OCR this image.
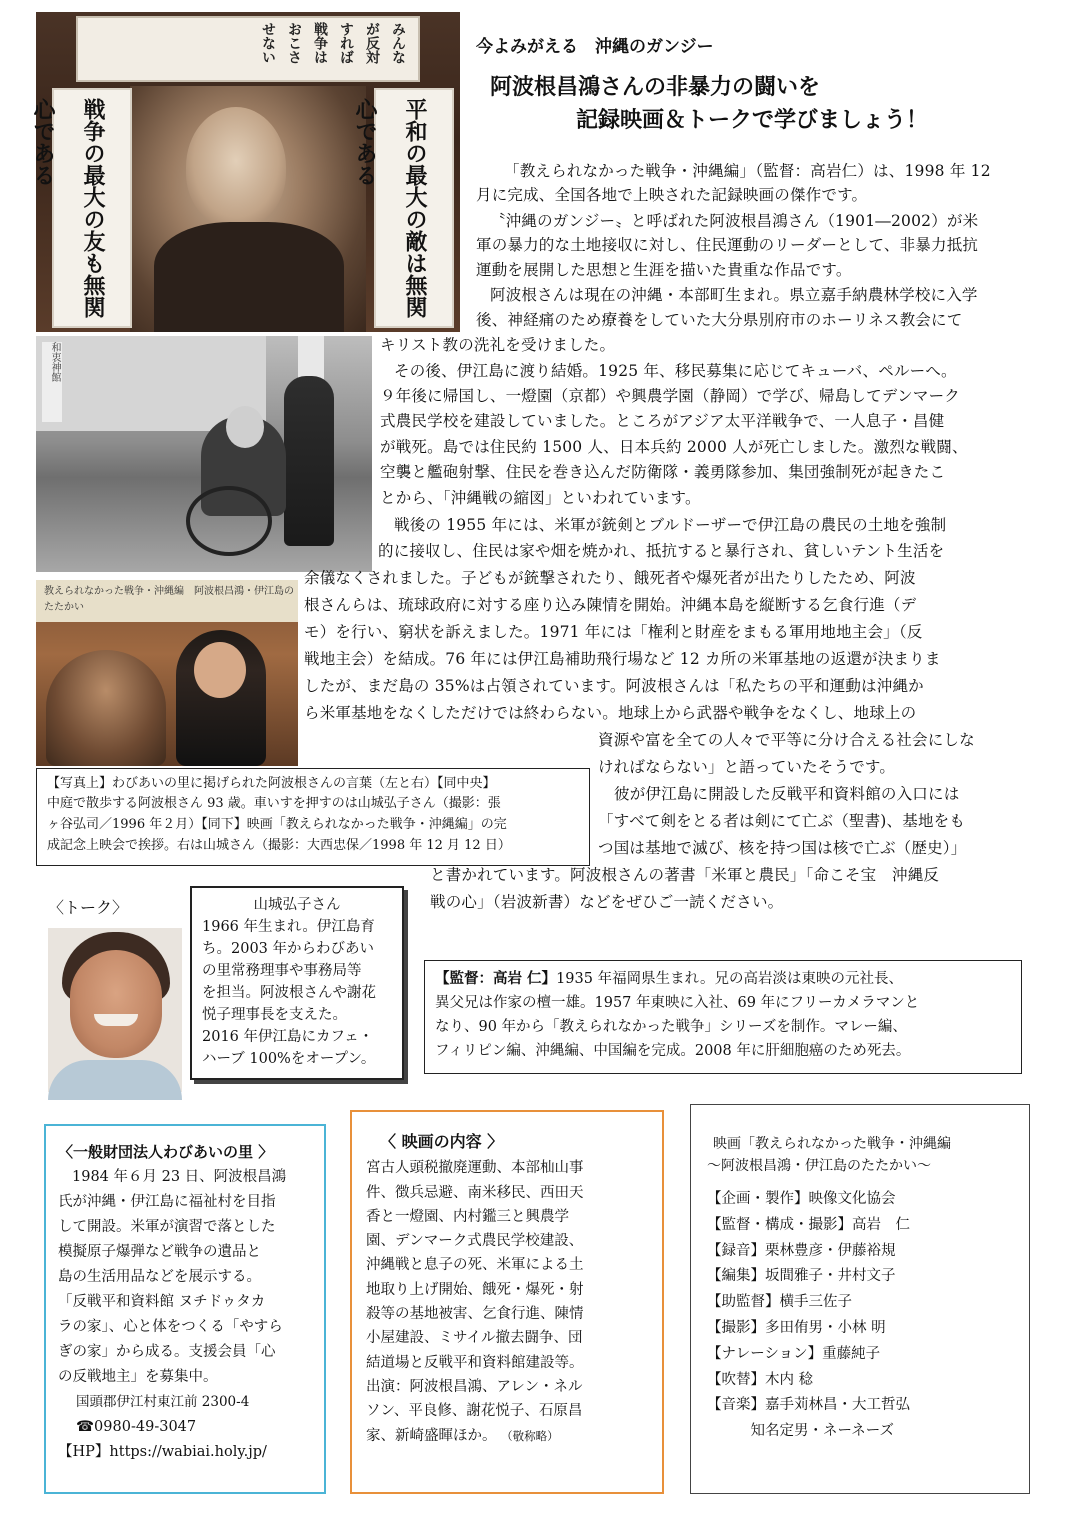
みんなが反対すれば戦争はおこさせない
戦争の最大の友も無関心である	平和の最大の敵は無関心である
和衷神館
教えられなかった戦争・沖縄編　阿波根昌鴻・伊江島のたたかい
今よみがえる　沖縄のガンジー
阿波根昌鴻さんの非暴力の闘いを
記録映画＆トークで学びましょう！
「教えられなかった戦争・沖縄編」（監督：高岩仁）は、1998 年 12
月に完成、全国各地で上映された記録映画の傑作です。
〝沖縄のガンジー〟と呼ばれた阿波根昌鴻さん（1901―2002）が米
軍の暴力的な土地接収に対し、住民運動のリーダーとして、非暴力抵抗
運動を展開した思想と生涯を描いた貴重な作品です。
阿波根さんは現在の沖縄・本部町生まれ。県立嘉手納農林学校に入学
後、神経痛のため療養をしていた大分県別府市のホーリネス教会にて
キリスト教の洗礼を受けました。
その後、伊江島に渡り結婚。1925 年、移民募集に応じてキューバ、ペルーへ。
９年後に帰国し、一燈園（京都）や興農学園（静岡）で学び、帰島してデンマーク
式農民学校を建設していました。ところがアジア太平洋戦争で、一人息子・昌健
が戦死。島では住民約 1500 人、日本兵約 2000 人が死亡しました。激烈な戦闘、
空襲と艦砲射撃、住民を巻き込んだ防衛隊・義勇隊参加、集団強制死が起きたこ
とから、「沖縄戦の縮図」といわれています。
戦後の 1955 年には、米軍が銃剣とブルドーザーで伊江島の農民の土地を強制
的に接収し、住民は家や畑を焼かれ、抵抗すると暴行され、貧しいテント生活を
余儀なくされました。子どもが銃撃されたり、餓死者や爆死者が出たりしたため、阿波
根さんらは、琉球政府に対する座り込み陳情を開始。沖縄本島を縦断する乞食行進（デ
モ）を行い、窮状を訴えました。1971 年には「権利と財産をまもる軍用地地主会」（反
戦地主会）を結成。76 年には伊江島補助飛行場など 12 カ所の米軍基地の返還が決まりま
したが、まだ島の 35%は占領されています。阿波根さんは「私たちの平和運動は沖縄か
ら米軍基地をなくしただけでは終わらない。地球上から武器や戦争をなくし、地球上の
資源や富を全ての人々で平等に分け合える社会にしな
ければならない」と語っていたそうです。
彼が伊江島に開設した反戦平和資料館の入口には
「すべて剣をとる者は剣にて亡ぶ（聖書)、基地をも
つ国は基地で滅び、核を持つ国は核で亡ぶ（歴史）」
と書かれています。阿波根さんの著書「米軍と農民」「命こそ宝　沖縄反
戦の心」（岩波新書）などをぜひご一読ください。
【写真上】わびあいの里に掲げられた阿波根さんの言葉（左と右）【同中央】
中庭で散歩する阿波根さん 93 歳。車いすを押すのは山城弘子さん（撮影：張
ヶ谷弘司／1996 年２月）【同下】映画「教えられなかった戦争・沖縄編」の完
成記念上映会で挨拶。右は山城さん（撮影：大西忠保／1998 年 12 月 12 日）
〈トーク〉	山城弘子さん
1966 年生まれ。伊江島育
ち。2003 年からわびあい
の里常務理事や事務局等
を担当。阿波根さんや謝花
悦子理事長を支えた。
2016 年伊江島にカフェ・
ハーブ 100%をオープン。
【監督：高岩 仁】1935 年福岡県生まれ。兄の高岩淡は東映の元社長、
異父兄は作家の檀一雄。1957 年東映に入社、69 年にフリーカメラマンと
なり、90 年から「教えられなかった戦争」シリーズを制作。マレー編、
フィリピン編、沖縄編、中国編を完成。2008 年に肝細胞癌のため死去。
〈一般財団法人わびあいの里 〉
1984 年６月 23 日、阿波根昌鴻
氏が沖縄・伊江島に福祉村を目指
して開設。米軍が演習で落とした
模擬原子爆弾など戦争の遺品と
島の生活用品などを展示する。
「反戦平和資料館 ヌチドゥタカ
ラの家」、心と体をつくる「やすら
ぎの家」から成る。支援会員「心
の反戦地主」を募集中。
国頭郡伊江村東江前 2300-4
☎0980-49-3047
【HP】https://wabiai.holy.jp/
〈 映画の内容 〉
宮古人頭税撤廃運動、本部杣山事
件、徴兵忌避、南米移民、西田天
香と一燈園、内村鑑三と興農学
園、デンマーク式農民学校建設、
沖縄戦と息子の死、米軍による土
地取り上げ開始、餓死・爆死・射
殺等の基地被害、乞食行進、陳情
小屋建設、ミサイル撤去闘争、団
結道場と反戦平和資料館建設等。
出演：阿波根昌鴻、アレン・ネル
ソン、平良修、謝花悦子、石原昌
家、新崎盛暉ほか。 （敬称略）
映画「教えられなかった戦争・沖縄編
～阿波根昌鴻・伊江島のたたかい～
【企画・製作】映像文化協会
【監督・構成・撮影】高岩　仁
【録音】栗林豊彦・伊藤裕規
【編集】坂間雅子・井村文子
【助監督】横手三佐子
【撮影】多田侑男・小林 明
【ナレーション】重藤純子
【吹替】木内 稔
【音楽】嘉手苅林昌・大工哲弘
　　　知名定男・ネーネーズ
